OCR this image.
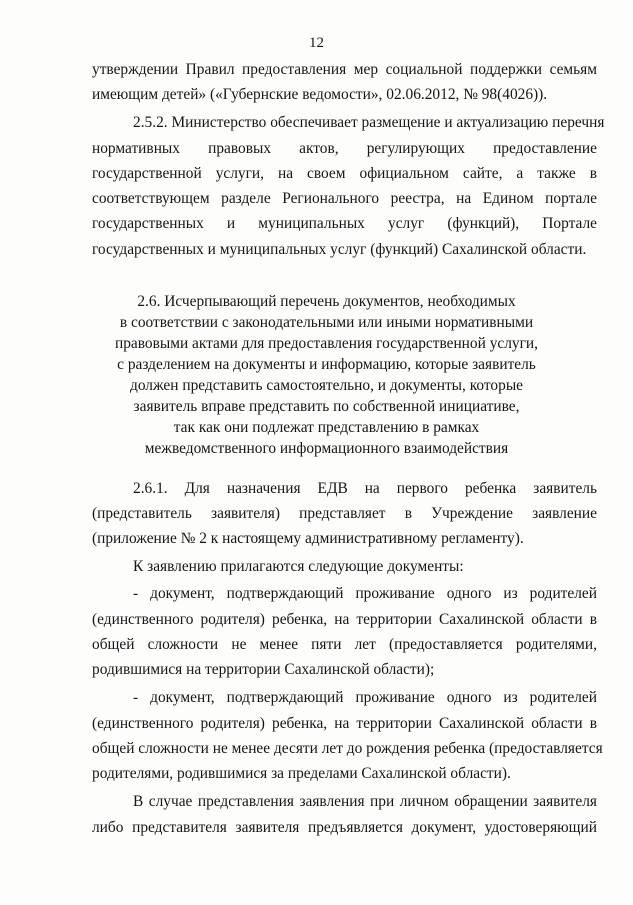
12
утверждении Правил предоставления мер социальной поддержки семьям
имеющим детей» («Губернские ведомости», 02.06.2012, № 98(4026)).
2.5.2. Министерство обеспечивает размещение и актуализацию перечня
нормативных правовых актов, регулирующих предоставление
государственной услуги, на своем официальном сайте, а также в
соответствующем разделе Регионального реестра, на Едином портале
государственных и муниципальных услуг (функций), Портале
государственных и муниципальных услуг (функций) Сахалинской области.
2.6. Исчерпывающий перечень документов, необходимых
в соответствии с законодательными или иными нормативными
правовыми актами для предоставления государственной услуги,
с разделением на документы и информацию, которые заявитель
должен представить самостоятельно, и документы, которые
заявитель вправе представить по собственной инициативе,
так как они подлежат представлению в рамках
межведомственного информационного взаимодействия
2.6.1. Для назначения ЕДВ на первого ребенка заявитель
(представитель заявителя) представляет в Учреждение заявление
(приложение № 2 к настоящему административному регламенту).
К заявлению прилагаются следующие документы:
- документ, подтверждающий проживание одного из родителей
(единственного родителя) ребенка, на территории Сахалинской области в
общей сложности не менее пяти лет (предоставляется родителями,
родившимися на территории Сахалинской области);
- документ, подтверждающий проживание одного из родителей
(единственного родителя) ребенка, на территории Сахалинской области в
общей сложности не менее десяти лет до рождения ребенка (предоставляется
родителями, родившимися за пределами Сахалинской области).
В случае представления заявления при личном обращении заявителя
либо представителя заявителя предъявляется документ, удостоверяющий
